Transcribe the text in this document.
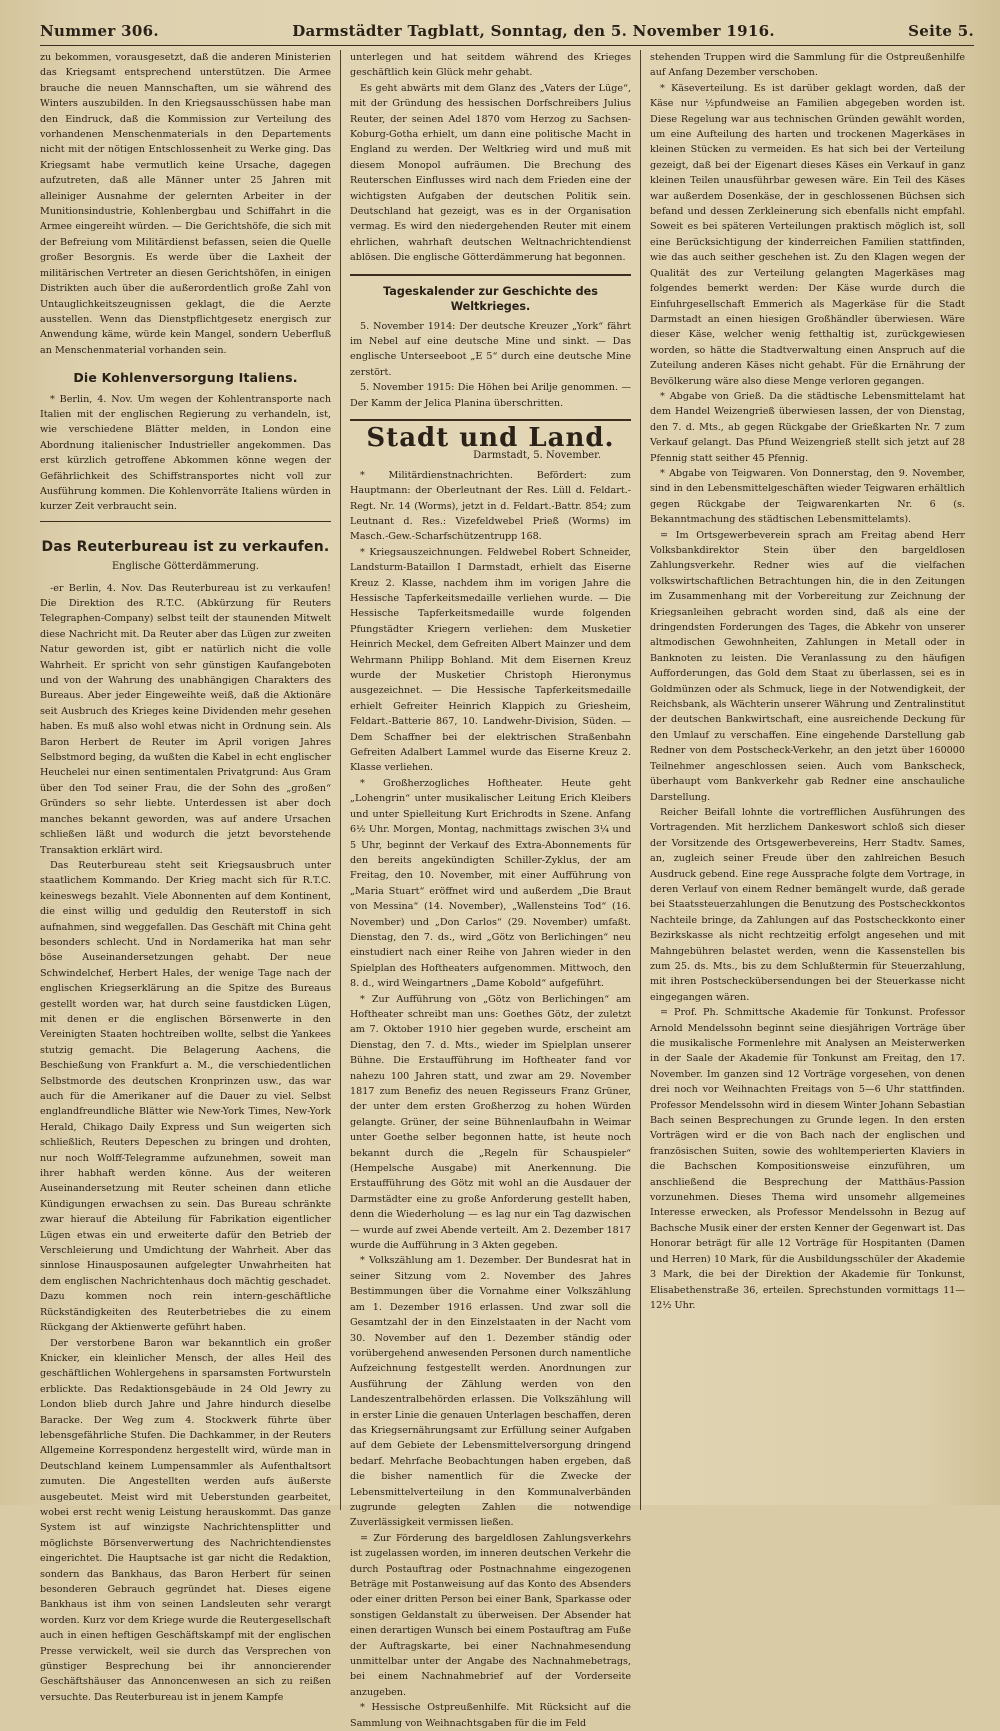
Nummer 306.	Darmstädter Tagblatt, Sonntag, den 5. November 1916.	Seite 5.

zu bekommen, vorausgesetzt, daß die anderen Ministerien das Kriegsamt entsprechend unterstützen. Die Armee brauche die neuen Mannschaften, um sie während des Winters auszubilden. In den Kriegsausschüssen habe man den Eindruck, daß die Kommission zur Verteilung des vorhandenen Menschenmaterials in den Departements nicht mit der nötigen Entschlossenheit zu Werke ging. Das Kriegsamt habe vermutlich keine Ursache, dagegen aufzutreten, daß alle Männer unter 25 Jahren mit alleiniger Ausnahme der gelernten Arbeiter in der Munitionsindustrie, Kohlenbergbau und Schiffahrt in die Armee eingereiht würden. — Die Gerichtshöfe, die sich mit der Befreiung vom Militärdienst befassen, seien die Quelle großer Besorgnis. Es werde über die Laxheit der militärischen Vertreter an diesen Gerichtshöfen, in einigen Distrikten auch über die außerordentlich große Zahl von Untauglichkeitszeugnissen geklagt, die die Aerzte ausstellen. Wenn das Dienstpflichtgesetz energisch zur Anwendung käme, würde kein Mangel, sondern Ueberfluß an Menschenmaterial vorhanden sein.

Die Kohlenversorgung Italiens.

* Berlin, 4. Nov. Um wegen der Kohlentransporte nach Italien mit der englischen Regierung zu verhandeln, ist, wie verschiedene Blätter melden, in London eine Abordnung italienischer Industrieller angekommen. Das erst kürzlich getroffene Abkommen könne wegen der Gefährlichkeit des Schiffstransportes nicht voll zur Ausführung kommen. Die Kohlenvorräte Italiens würden in kurzer Zeit verbraucht sein.

Das Reuterbureau ist zu verkaufen.
Englische Götterdämmerung.

-er Berlin, 4. Nov. Das Reuterbureau ist zu verkaufen! Die Direktion des R.T.C. (Abkürzung für Reuters Telegraphen-Company) selbst teilt der staunenden Mitwelt diese Nachricht mit. Da Reuter aber das Lügen zur zweiten Natur geworden ist, gibt er natürlich nicht die volle Wahrheit. Er spricht von sehr günstigen Kaufangeboten und von der Wahrung des unabhängigen Charakters des Bureaus. Aber jeder Eingeweihte weiß, daß die Aktionäre seit Ausbruch des Krieges keine Dividenden mehr gesehen haben. Es muß also wohl etwas nicht in Ordnung sein. Als Baron Herbert de Reuter im April vorigen Jahres Selbstmord beging, da wußten die Kabel in echt englischer Heuchelei nur einen sentimentalen Privatgrund: Aus Gram über den Tod seiner Frau, die der Sohn des „großen“ Gründers so sehr liebte. Unterdessen ist aber doch manches bekannt geworden, was auf andere Ursachen schließen läßt und wodurch die jetzt bevorstehende Transaktion erklärt wird.

Das Reuterbureau steht seit Kriegsausbruch unter staatlichem Kommando. Der Krieg macht sich für R.T.C. keineswegs bezahlt. Viele Abonnenten auf dem Kontinent, die einst willig und geduldig den Reuterstoff in sich aufnahmen, sind weggefallen. Das Geschäft mit China geht besonders schlecht. Und in Nordamerika hat man sehr böse Auseinandersetzungen gehabt. Der neue Schwindelchef, Herbert Hales, der wenige Tage nach der englischen Kriegserklärung an die Spitze des Bureaus gestellt worden war, hat durch seine faustdicken Lügen, mit denen er die englischen Börsenwerte in den Vereinigten Staaten hochtreiben wollte, selbst die Yankees stutzig gemacht. Die Belagerung Aachens, die Beschießung von Frankfurt a. M., die verschiedentlichen Selbstmorde des deutschen Kronprinzen usw., das war auch für die Amerikaner auf die Dauer zu viel. Selbst englandfreundliche Blätter wie New-York Times, New-York Herald, Chikago Daily Express und Sun weigerten sich schließlich, Reuters Depeschen zu bringen und drohten, nur noch Wolff-Telegramme aufzunehmen, soweit man ihrer habhaft werden könne. Aus der weiteren Auseinandersetzung mit Reuter scheinen dann etliche Kündigungen erwachsen zu sein. Das Bureau schränkte zwar hierauf die Abteilung für Fabrikation eigentlicher Lügen etwas ein und erweiterte dafür den Betrieb der Verschleierung und Umdichtung der Wahrheit. Aber das sinnlose Hinausposaunen aufgelegter Unwahrheiten hat dem englischen Nachrichtenhaus doch mächtig geschadet. Dazu kommen noch rein intern-geschäftliche Rückständigkeiten des Reuterbetriebes die zu einem Rückgang der Aktienwerte geführt haben.

Der verstorbene Baron war bekanntlich ein großer Knicker, ein kleinlicher Mensch, der alles Heil des geschäftlichen Wohlergehens in sparsamsten Fortwursteln erblickte. Das Redaktionsgebäude in 24 Old Jewry zu London blieb durch Jahre und Jahre hindurch dieselbe Baracke. Der Weg zum 4. Stockwerk führte über lebensgefährliche Stufen. Die Dachkammer, in der Reuters Allgemeine Korrespondenz hergestellt wird, würde man in Deutschland keinem Lumpensammler als Aufenthaltsort zumuten. Die Angestellten werden aufs äußerste ausgebeutet. Meist wird mit Ueberstunden gearbeitet, wobei erst recht wenig Leistung herauskommt. Das ganze System ist auf winzigste Nachrichtensplitter und möglichste Börsenverwertung des Nachrichtendienstes eingerichtet. Die Hauptsache ist gar nicht die Redaktion, sondern das Bankhaus, das Baron Herbert für seinen besonderen Gebrauch gegründet hat. Dieses eigene Bankhaus ist ihm von seinen Landsleuten sehr verargt worden. Kurz vor dem Kriege wurde die Reutergesellschaft auch in einen heftigen Geschäftskampf mit der englischen Presse verwickelt, weil sie durch das Versprechen von günstiger Besprechung bei ihr annoncierender Geschäftshäuser das Annoncenwesen an sich zu reißen versuchte. Das Reuterbureau ist in jenem Kampfe

unterlegen und hat seitdem während des Krieges geschäftlich kein Glück mehr gehabt.

Es geht abwärts mit dem Glanz des „Vaters der Lüge“, mit der Gründung des hessischen Dorfschreibers Julius Reuter, der seinen Adel 1870 vom Herzog zu Sachsen-Koburg-Gotha erhielt, um dann eine politische Macht in England zu werden. Der Weltkrieg wird und muß mit diesem Monopol aufräumen. Die Brechung des Reuterschen Einflusses wird nach dem Frieden eine der wichtigsten Aufgaben der deutschen Politik sein. Deutschland hat gezeigt, was es in der Organisation vermag. Es wird den niedergehenden Reuter mit einem ehrlichen, wahrhaft deutschen Weltnachrichtendienst ablösen. Die englische Götterdämmerung hat begonnen.

Tageskalender zur Geschichte des Weltkrieges.

5. November 1914: Der deutsche Kreuzer „York“ fährt im Nebel auf eine deutsche Mine und sinkt. — Das englische Unterseeboot „E 5“ durch eine deutsche Mine zerstört.

5. November 1915: Die Höhen bei Arilje genommen. — Der Kamm der Jelica Planina überschritten.

Stadt und Land.
Darmstadt, 5. November.

* Militärdienstnachrichten. Befördert: zum Hauptmann: der Oberleutnant der Res. Lüll d. Feldart.-Regt. Nr. 14 (Worms), jetzt in d. Feldart.-Battr. 854; zum Leutnant d. Res.: Vizefeldwebel Prieß (Worms) im Masch.-Gew.-Scharfschützentrupp 168.

* Kriegsauszeichnungen. Feldwebel Robert Schneider, Landsturm-Bataillon I Darmstadt, erhielt das Eiserne Kreuz 2. Klasse, nachdem ihm im vorigen Jahre die Hessische Tapferkeitsmedaille verliehen wurde. — Die Hessische Tapferkeitsmedaille wurde folgenden Pfungstädter Kriegern verliehen: dem Musketier Heinrich Meckel, dem Gefreiten Albert Mainzer und dem Wehrmann Philipp Bohland. Mit dem Eisernen Kreuz wurde der Musketier Christoph Hieronymus ausgezeichnet. — Die Hessische Tapferkeitsmedaille erhielt Gefreiter Heinrich Klappich zu Griesheim, Feldart.-Batterie 867, 10. Landwehr-Division, Süden. — Dem Schaffner bei der elektrischen Straßenbahn Gefreiten Adalbert Lammel wurde das Eiserne Kreuz 2. Klasse verliehen.

* Großherzogliches Hoftheater. Heute geht „Lohengrin“ unter musikalischer Leitung Erich Kleibers und unter Spielleitung Kurt Erichrodts in Szene. Anfang 6½ Uhr. Morgen, Montag, nachmittags zwischen 3¼ und 5 Uhr, beginnt der Verkauf des Extra-Abonnements für den bereits angekündigten Schiller-Zyklus, der am Freitag, den 10. November, mit einer Aufführung von „Maria Stuart“ eröffnet wird und außerdem „Die Braut von Messina“ (14. November), „Wallensteins Tod“ (16. November) und „Don Carlos“ (29. November) umfaßt. Dienstag, den 7. ds., wird „Götz von Berlichingen“ neu einstudiert nach einer Reihe von Jahren wieder in den Spielplan des Hoftheaters aufgenommen. Mittwoch, den 8. d., wird Weingartners „Dame Kobold“ aufgeführt.

* Zur Aufführung von „Götz von Berlichingen“ am Hoftheater schreibt man uns: Goethes Götz, der zuletzt am 7. Oktober 1910 hier gegeben wurde, erscheint am Dienstag, den 7. d. Mts., wieder im Spielplan unserer Bühne. Die Erstaufführung im Hoftheater fand vor nahezu 100 Jahren statt, und zwar am 29. November 1817 zum Benefiz des neuen Regisseurs Franz Grüner, der unter dem ersten Großherzog zu hohen Würden gelangte. Grüner, der seine Bühnenlaufbahn in Weimar unter Goethe selber begonnen hatte, ist heute noch bekannt durch die „Regeln für Schauspieler“ (Hempelsche Ausgabe) mit Anerkennung. Die Erstaufführung des Götz mit wohl an die Ausdauer der Darmstädter eine zu große Anforderung gestellt haben, denn die Wiederholung — es lag nur ein Tag dazwischen — wurde auf zwei Abende verteilt. Am 2. Dezember 1817 wurde die Aufführung in 3 Akten gegeben.

* Volkszählung am 1. Dezember. Der Bundesrat hat in seiner Sitzung vom 2. November des Jahres Bestimmungen über die Vornahme einer Volkszählung am 1. Dezember 1916 erlassen. Und zwar soll die Gesamtzahl der in den Einzelstaaten in der Nacht vom 30. November auf den 1. Dezember ständig oder vorübergehend anwesenden Personen durch namentliche Aufzeichnung festgestellt werden. Anordnungen zur Ausführung der Zählung werden von den Landeszentralbehörden erlassen. Die Volkszählung will in erster Linie die genauen Unterlagen beschaffen, deren das Kriegsernährungsamt zur Erfüllung seiner Aufgaben auf dem Gebiete der Lebensmittelversorgung dringend bedarf. Mehrfache Beobachtungen haben ergeben, daß die bisher namentlich für die Zwecke der Lebensmittelverteilung in den Kommunalverbänden zugrunde gelegten Zahlen die notwendige Zuverlässigkeit vermissen ließen.

= Zur Förderung des bargeldlosen Zahlungsverkehrs ist zugelassen worden, im inneren deutschen Verkehr die durch Postauftrag oder Postnachnahme eingezogenen Beträge mit Postanweisung auf das Konto des Absenders oder einer dritten Person bei einer Bank, Sparkasse oder sonstigen Geldanstalt zu überweisen. Der Absender hat einen derartigen Wunsch bei einem Postauftrag am Fuße der Auftragskarte, bei einer Nachnahmesendung unmittelbar unter der Angabe des Nachnahmebetrags, bei einem Nachnahmebrief auf der Vorderseite anzugeben.

* Hessische Ostpreußenhilfe. Mit Rücksicht auf die Sammlung von Weihnachtsgaben für die im Feld

stehenden Truppen wird die Sammlung für die Ostpreußenhilfe auf Anfang Dezember verschoben.

* Käseverteilung. Es ist darüber geklagt worden, daß der Käse nur ½pfundweise an Familien abgegeben worden ist. Diese Regelung war aus technischen Gründen gewählt worden, um eine Aufteilung des harten und trockenen Magerkäses in kleinen Stücken zu vermeiden. Es hat sich bei der Verteilung gezeigt, daß bei der Eigenart dieses Käses ein Verkauf in ganz kleinen Teilen unausführbar gewesen wäre. Ein Teil des Käses war außerdem Dosenkäse, der in geschlossenen Büchsen sich befand und dessen Zerkleinerung sich ebenfalls nicht empfahl. Soweit es bei späteren Verteilungen praktisch möglich ist, soll eine Berücksichtigung der kinderreichen Familien stattfinden, wie das auch seither geschehen ist. Zu den Klagen wegen der Qualität des zur Verteilung gelangten Magerkäses mag folgendes bemerkt werden: Der Käse wurde durch die Einfuhrgesellschaft Emmerich als Magerkäse für die Stadt Darmstadt an einen hiesigen Großhändler überwiesen. Wäre dieser Käse, welcher wenig fetthaltig ist, zurückgewiesen worden, so hätte die Stadtverwaltung einen Anspruch auf die Zuteilung anderen Käses nicht gehabt. Für die Ernährung der Bevölkerung wäre also diese Menge verloren gegangen.

* Abgabe von Grieß. Da die städtische Lebensmittelamt hat dem Handel Weizengrieß überwiesen lassen, der von Dienstag, den 7. d. Mts., ab gegen Rückgabe der Grießkarten Nr. 7 zum Verkauf gelangt. Das Pfund Weizengrieß stellt sich jetzt auf 28 Pfennig statt seither 45 Pfennig.

* Abgabe von Teigwaren. Von Donnerstag, den 9. November, sind in den Lebensmittelgeschäften wieder Teigwaren erhältlich gegen Rückgabe der Teigwarenkarten Nr. 6 (s. Bekanntmachung des städtischen Lebensmittelamts).

= Im Ortsgewerbeverein sprach am Freitag abend Herr Volksbankdirektor Stein über den bargeldlosen Zahlungsverkehr. Redner wies auf die vielfachen volkswirtschaftlichen Betrachtungen hin, die in den Zeitungen im Zusammenhang mit der Vorbereitung zur Zeichnung der Kriegsanleihen gebracht worden sind, daß als eine der dringendsten Forderungen des Tages, die Abkehr von unserer altmodischen Gewohnheiten, Zahlungen in Metall oder in Banknoten zu leisten. Die Veranlassung zu den häufigen Aufforderungen, das Gold dem Staat zu überlassen, sei es in Goldmünzen oder als Schmuck, liege in der Notwendigkeit, der Reichsbank, als Wächterin unserer Währung und Zentralinstitut der deutschen Bankwirtschaft, eine ausreichende Deckung für den Umlauf zu verschaffen. Eine eingehende Darstellung gab Redner von dem Postscheck-Verkehr, an den jetzt über 160000 Teilnehmer angeschlossen seien. Auch vom Bankscheck, überhaupt vom Bankverkehr gab Redner eine anschauliche Darstellung.

Reicher Beifall lohnte die vortrefflichen Ausführungen des Vortragenden. Mit herzlichem Dankeswort schloß sich dieser der Vorsitzende des Ortsgewerbevereins, Herr Stadtv. Sames, an, zugleich seiner Freude über den zahlreichen Besuch Ausdruck gebend. Eine rege Aussprache folgte dem Vortrage, in deren Verlauf von einem Redner bemängelt wurde, daß gerade bei Staatssteuerzahlungen die Benutzung des Postscheckkontos Nachteile bringe, da Zahlungen auf das Postscheckkonto einer Bezirkskasse als nicht rechtzeitig erfolgt angesehen und mit Mahngebühren belastet werden, wenn die Kassenstellen bis zum 25. ds. Mts., bis zu dem Schlußtermin für Steuerzahlung, mit ihren Postscheckübersendungen bei der Steuerkasse nicht eingegangen wären.

= Prof. Ph. Schmittsche Akademie für Tonkunst. Professor Arnold Mendelssohn beginnt seine diesjährigen Vorträge über die musikalische Formenlehre mit Analysen an Meisterwerken in der Saale der Akademie für Tonkunst am Freitag, den 17. November. Im ganzen sind 12 Vorträge vorgesehen, von denen drei noch vor Weihnachten Freitags von 5—6 Uhr stattfinden. Professor Mendelssohn wird in diesem Winter Johann Sebastian Bach seinen Besprechungen zu Grunde legen. In den ersten Vorträgen wird er die von Bach nach der englischen und französischen Suiten, sowie des wohltemperierten Klaviers in die Bachschen Kompositionsweise einzuführen, um anschließend die Besprechung der Matthäus-Passion vorzunehmen. Dieses Thema wird unsomehr allgemeines Interesse erwecken, als Professor Mendelssohn in Bezug auf Bachsche Musik einer der ersten Kenner der Gegenwart ist. Das Honorar beträgt für alle 12 Vorträge für Hospitanten (Damen und Herren) 10 Mark, für die Ausbildungsschüler der Akademie 3 Mark, die bei der Direktion der Akademie für Tonkunst, Elisabethenstraße 36, erteilen. Sprechstunden vormittags 11—12½ Uhr.
